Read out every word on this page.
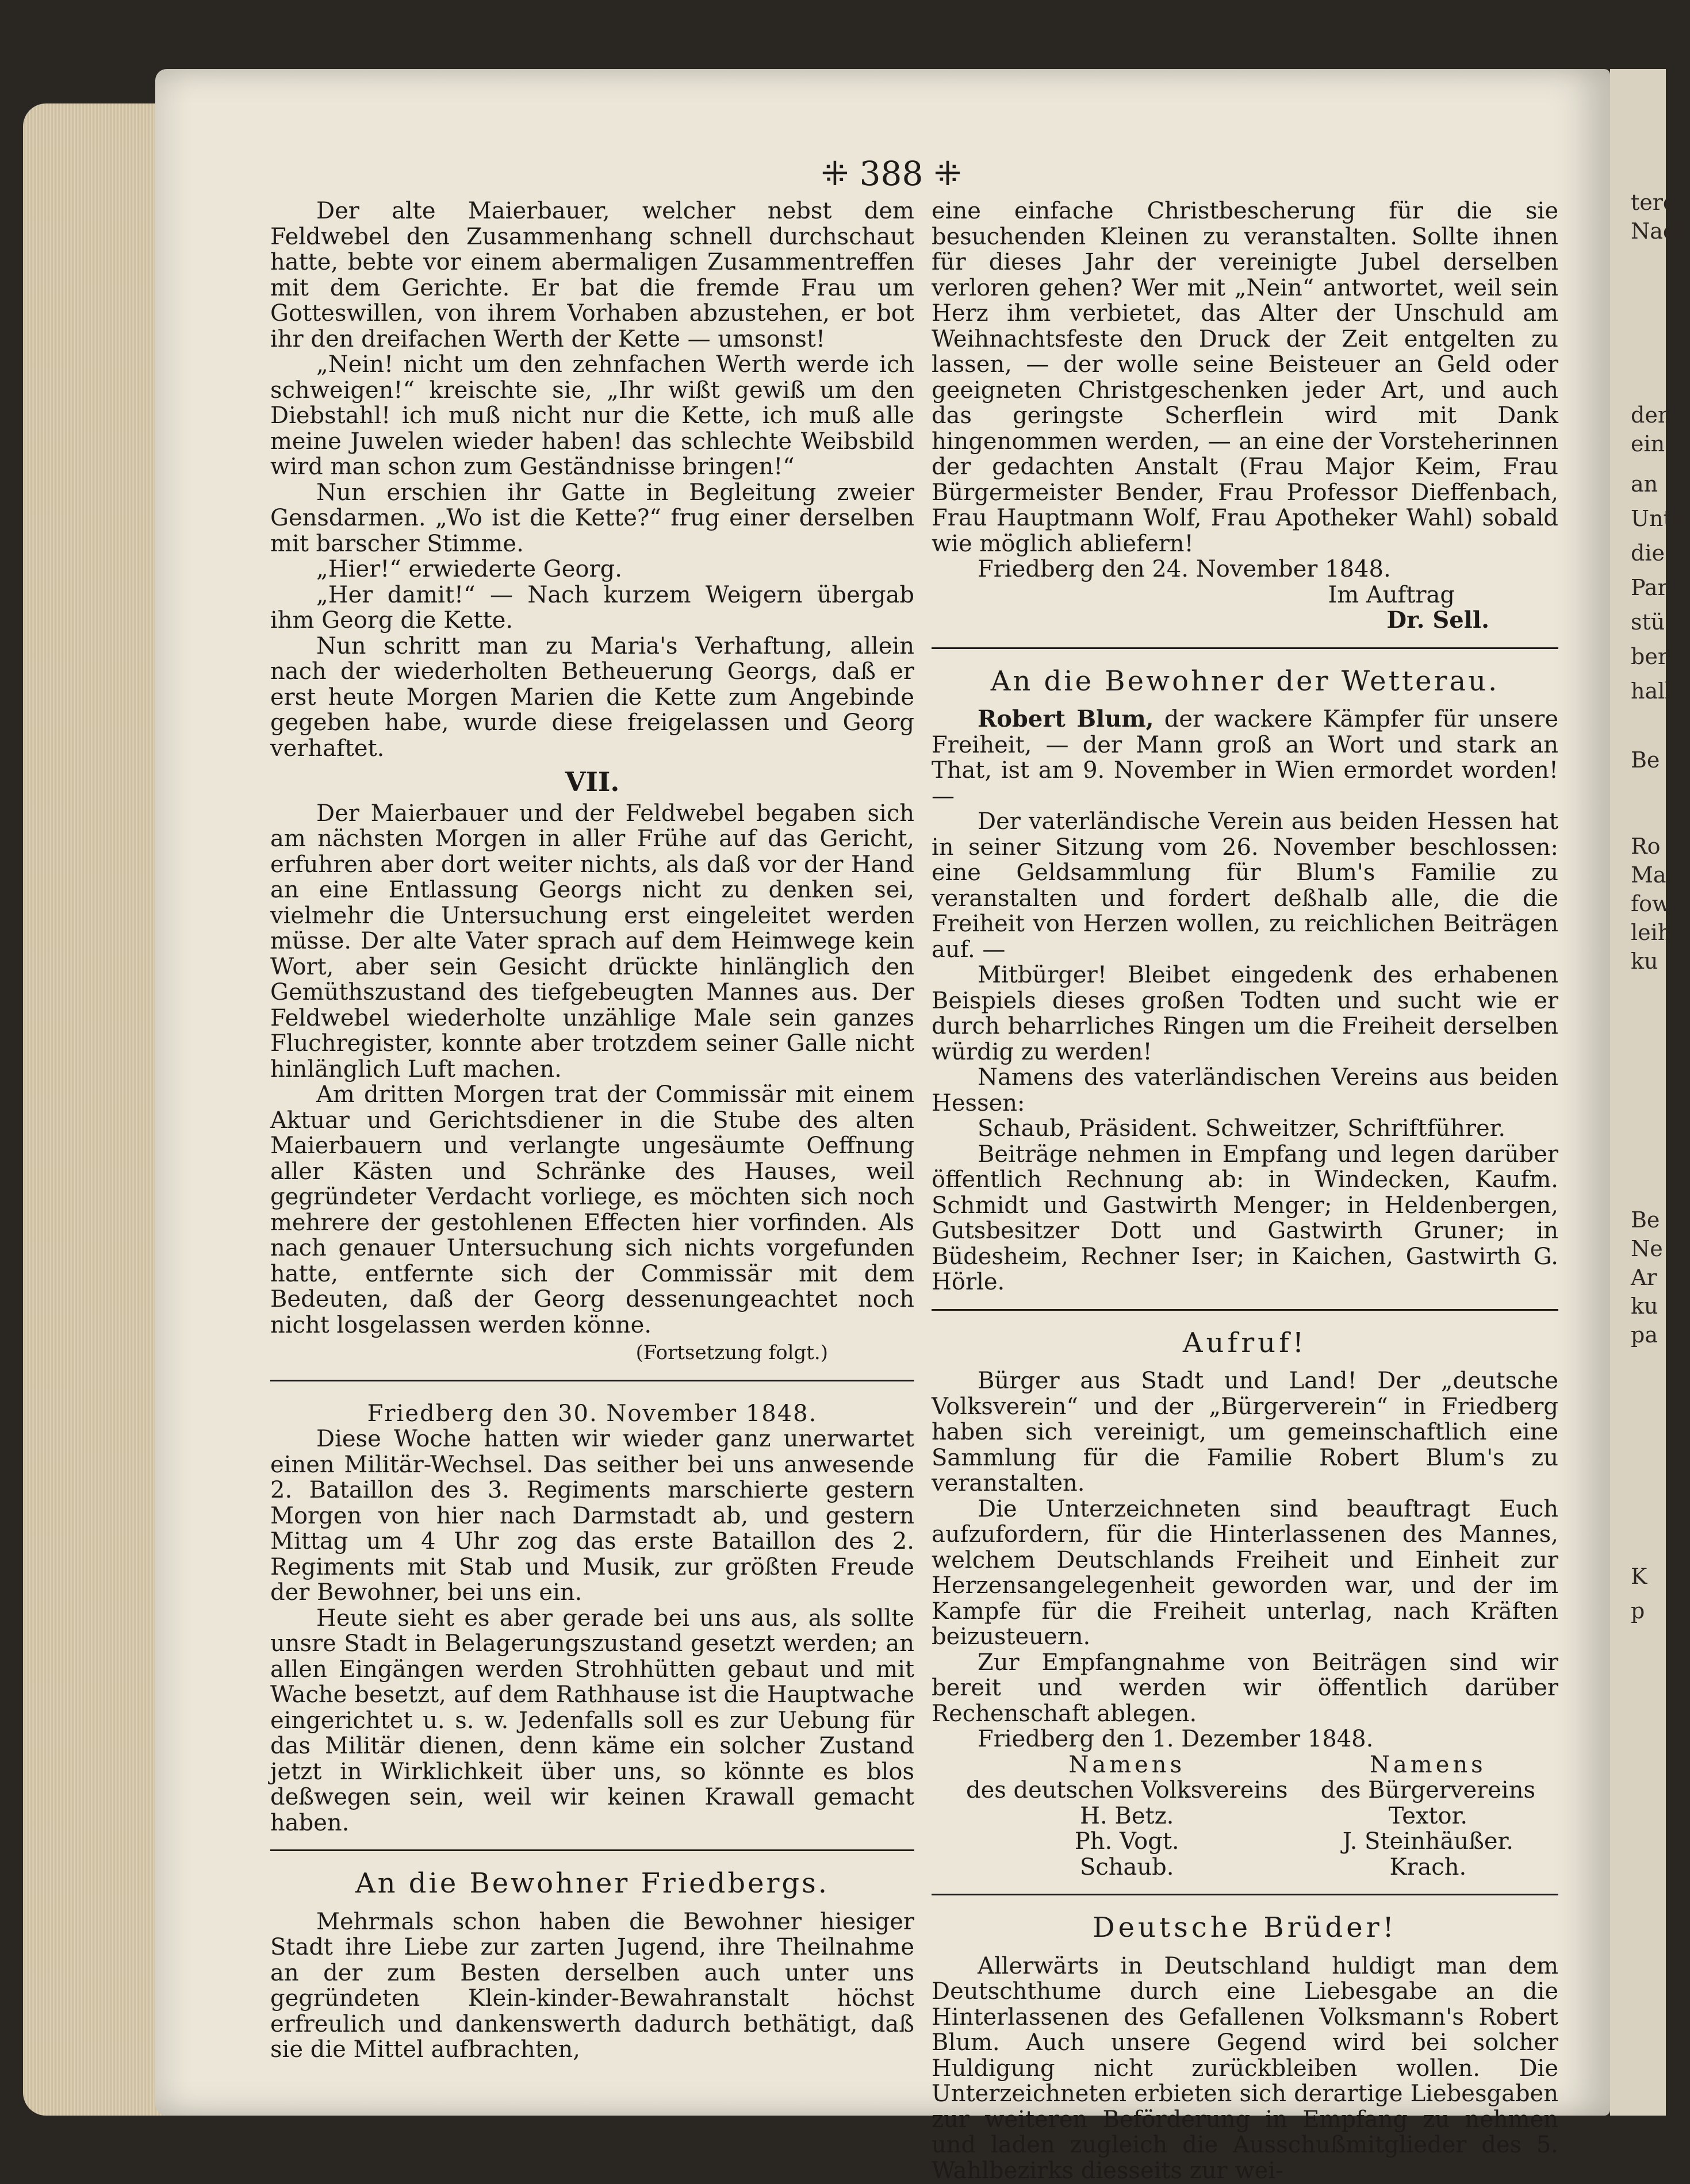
teren
Nach
den
ein
an
Unte
die
Par
stü
beri
halb
Be
Ro
Ma
fow
leih
ku
Be
Ne
Ar
ku
pa
K
p
⁜ 388 ⁜

Der alte Maierbauer, welcher nebst dem Feldwebel den Zusammenhang schnell durchschaut hatte, bebte vor einem abermaligen Zusammentreffen mit dem Gerichte. Er bat die fremde Frau um Gotteswillen, von ihrem Vorhaben abzustehen, er bot ihr den dreifachen Werth der Kette — umsonst!

„Nein! nicht um den zehnfachen Werth werde ich schweigen!“ kreischte sie, „Ihr wißt gewiß um den Diebstahl! ich muß nicht nur die Kette, ich muß alle meine Juwelen wieder haben! das schlechte Weibsbild wird man schon zum Geständnisse bringen!“

Nun erschien ihr Gatte in Begleitung zweier Gensdarmen. „Wo ist die Kette?“ frug einer derselben mit barscher Stimme.

„Hier!“ erwiederte Georg.

„Her damit!“ — Nach kurzem Weigern übergab ihm Georg die Kette.

Nun schritt man zu Maria's Verhaftung, allein nach der wiederholten Betheuerung Georgs, daß er erst heute Morgen Marien die Kette zum Angebinde gegeben habe, wurde diese freigelassen und Georg verhaftet.

VII.

Der Maierbauer und der Feldwebel begaben sich am nächsten Morgen in aller Frühe auf das Gericht, erfuhren aber dort weiter nichts, als daß vor der Hand an eine Entlassung Georgs nicht zu denken sei, vielmehr die Untersuchung erst eingeleitet werden müsse. Der alte Vater sprach auf dem Heimwege kein Wort, aber sein Gesicht drückte hinlänglich den Gemüthszustand des tiefgebeugten Mannes aus. Der Feldwebel wiederholte unzählige Male sein ganzes Fluchregister, konnte aber trotzdem seiner Galle nicht hinlänglich Luft machen.

Am dritten Morgen trat der Commissär mit einem Aktuar und Gerichtsdiener in die Stube des alten Maierbauern und verlangte ungesäumte Oeffnung aller Kästen und Schränke des Hauses, weil gegründeter Verdacht vorliege, es möchten sich noch mehrere der gestohlenen Effecten hier vorfinden. Als nach genauer Untersuchung sich nichts vorgefunden hatte, entfernte sich der Commissär mit dem Bedeuten, daß der Georg dessenungeachtet noch nicht losgelassen werden könne.

(Fortsetzung folgt.)
Friedberg den 30. November 1848.

Diese Woche hatten wir wieder ganz unerwartet einen Militär-Wechsel. Das seither bei uns anwesende 2. Bataillon des 3. Regiments marschierte gestern Morgen von hier nach Darmstadt ab, und gestern Mittag um 4 Uhr zog das erste Bataillon des 2. Regiments mit Stab und Musik, zur größten Freude der Bewohner, bei uns ein.

Heute sieht es aber gerade bei uns aus, als sollte unsre Stadt in Belagerungszustand gesetzt werden; an allen Eingängen werden Strohhütten gebaut und mit Wache besetzt, auf dem Rathhause ist die Hauptwache eingerichtet u. s. w. Jedenfalls soll es zur Uebung für das Militär dienen, denn käme ein solcher Zustand jetzt in Wirklichkeit über uns, so könnte es blos deßwegen sein, weil wir keinen Krawall gemacht haben.

An die Bewohner Friedbergs.

Mehrmals schon haben die Bewohner hiesiger Stadt ihre Liebe zur zarten Jugend, ihre Theilnahme an der zum Besten derselben auch unter uns gegründeten Klein-kinder-Bewahranstalt höchst erfreulich und dankenswerth dadurch bethätigt, daß sie die Mittel aufbrachten,

eine einfache Christbescherung für die sie besuchenden Kleinen zu veranstalten. Sollte ihnen für dieses Jahr der vereinigte Jubel derselben verloren gehen? Wer mit „Nein“ antwortet, weil sein Herz ihm verbietet, das Alter der Unschuld am Weihnachtsfeste den Druck der Zeit entgelten zu lassen, — der wolle seine Beisteuer an Geld oder geeigneten Christgeschenken jeder Art, und auch das geringste Scherflein wird mit Dank hingenommen werden, — an eine der Vorsteherinnen der gedachten Anstalt (Frau Major Keim, Frau Bürgermeister Bender, Frau Professor Dieffenbach, Frau Hauptmann Wolf, Frau Apotheker Wahl) sobald wie möglich abliefern!

Friedberg den 24. November 1848.

Im Auftrag
Dr. Sell.
An die Bewohner der Wetterau.

Robert Blum, der wackere Kämpfer für unsere Freiheit, — der Mann groß an Wort und stark an That, ist am 9. November in Wien ermordet worden! —

Der vaterländische Verein aus beiden Hessen hat in seiner Sitzung vom 26. November beschlossen: eine Geldsammlung für Blum's Familie zu veranstalten und fordert deßhalb alle, die die Freiheit von Herzen wollen, zu reichlichen Beiträgen auf. —

Mitbürger! Bleibet eingedenk des erhabenen Beispiels dieses großen Todten und sucht wie er durch beharrliches Ringen um die Freiheit derselben würdig zu werden!

Namens des vaterländischen Vereins aus beiden Hessen:

Schaub, Präsident. Schweitzer, Schriftführer.

Beiträge nehmen in Empfang und legen darüber öffentlich Rechnung ab: in Windecken, Kaufm. Schmidt und Gastwirth Menger; in Heldenbergen, Gutsbesitzer Dott und Gastwirth Gruner; in Büdesheim, Rechner Iser; in Kaichen, Gastwirth G. Hörle.

Aufruf!

Bürger aus Stadt und Land! Der „deutsche Volksverein“ und der „Bürgerverein“ in Friedberg haben sich vereinigt, um gemeinschaftlich eine Sammlung für die Familie Robert Blum's zu veranstalten.

Die Unterzeichneten sind beauftragt Euch aufzufordern, für die Hinterlassenen des Mannes, welchem Deutschlands Freiheit und Einheit zur Herzensangelegenheit geworden war, und der im Kampfe für die Freiheit unterlag, nach Kräften beizusteuern.

Zur Empfangnahme von Beiträgen sind wir bereit und werden wir öffentlich darüber Rechenschaft ablegen.

Friedberg den 1. Dezember 1848.

Namens
des deutschen Volksvereins
H. Betz.
Ph. Vogt.
Schaub.
Namens
des Bürgervereins
Textor.
J. Steinhäußer.
Krach.
Deutsche Brüder!

Allerwärts in Deutschland huldigt man dem Deutschthume durch eine Liebesgabe an die Hinterlassenen des Gefallenen Volksmann's Robert Blum. Auch unsere Gegend wird bei solcher Huldigung nicht zurückbleiben wollen. Die Unterzeichneten erbieten sich derartige Liebesgaben zur weiteren Beförderung in Empfang zu nehmen und laden zugleich die Ausschußmitglieder des 5. Wahlbezirks diesseits zur wei-
